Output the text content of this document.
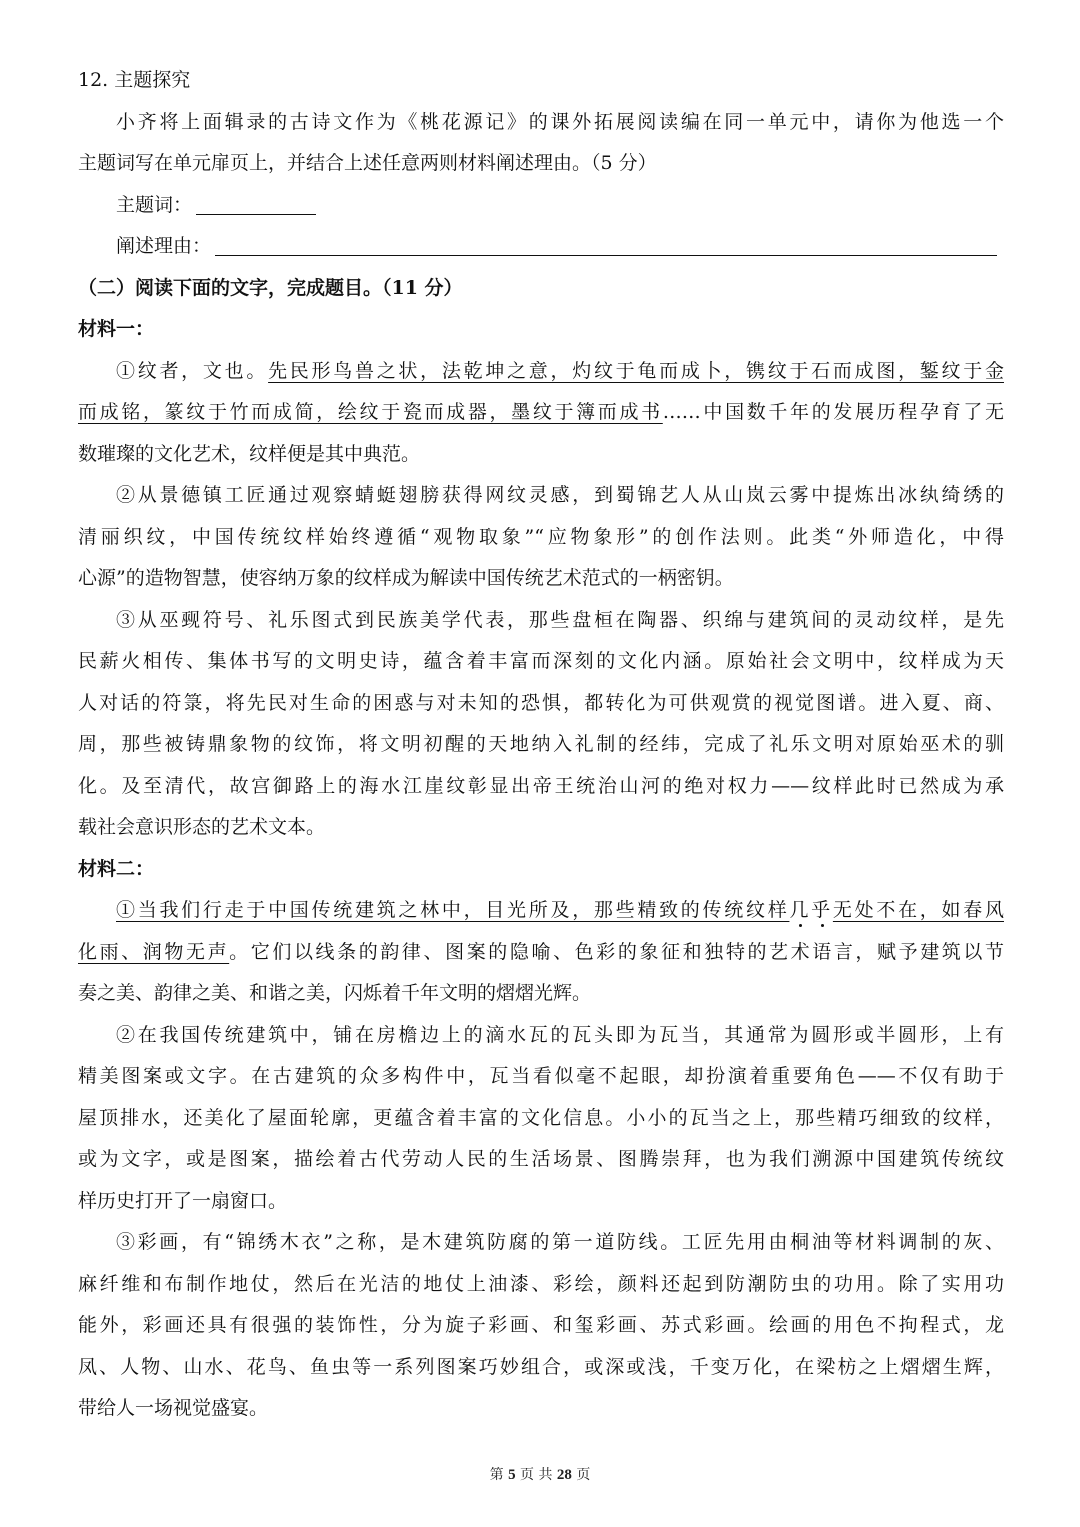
12. 主题探究
小齐将上面辑录的古诗文作为《桃花源记》的课外拓展阅读编在同一单元中，请你为他选一个
主题词写在单元扉页上，并结合上述任意两则材料阐述理由。（5 分）
主题词：
阐述理由：
（二）阅读下面的文字，完成题目。（11 分）
材料一：
①纹者，文也。先民形鸟兽之状，法乾坤之意，灼纹于龟而成卜，镌纹于石而成图，錾纹于金
而成铭，篆纹于竹而成简，绘纹于瓷而成器，墨纹于簿而成书……中国数千年的发展历程孕育了无
数璀璨的文化艺术，纹样便是其中典范。
②从景德镇工匠通过观察蜻蜓翅膀获得网纹灵感，到蜀锦艺人从山岚云雾中提炼出冰纨绮绣的
清丽织纹，中国传统纹样始终遵循“观物取象”“应物象形”的创作法则。此类“外师造化，中得
心源”的造物智慧，使容纳万象的纹样成为解读中国传统艺术范式的一柄密钥。
③从巫觋符号、礼乐图式到民族美学代表，那些盘桓在陶器、织绵与建筑间的灵动纹样，是先
民薪火相传、集体书写的文明史诗，蕴含着丰富而深刻的文化内涵。原始社会文明中，纹样成为天
人对话的符箓，将先民对生命的困惑与对未知的恐惧，都转化为可供观赏的视觉图谱。进入夏、商、
周，那些被铸鼎象物的纹饰，将文明初醒的天地纳入礼制的经纬，完成了礼乐文明对原始巫术的驯
化。及至清代，故宫御路上的海水江崖纹彰显出帝王统治山河的绝对权力——纹样此时已然成为承
载社会意识形态的艺术文本。
材料二：
①当我们行走于中国传统建筑之林中，目光所及，那些精致的传统纹样几乎无处不在，如春风
化雨、润物无声。它们以线条的韵律、图案的隐喻、色彩的象征和独特的艺术语言，赋予建筑以节
奏之美、韵律之美、和谐之美，闪烁着千年文明的熠熠光辉。
②在我国传统建筑中，铺在房檐边上的滴水瓦的瓦头即为瓦当，其通常为圆形或半圆形，上有
精美图案或文字。在古建筑的众多构件中，瓦当看似毫不起眼，却扮演着重要角色——不仅有助于
屋顶排水，还美化了屋面轮廓，更蕴含着丰富的文化信息。小小的瓦当之上，那些精巧细致的纹样，
或为文字，或是图案，描绘着古代劳动人民的生活场景、图腾崇拜，也为我们溯源中国建筑传统纹
样历史打开了一扇窗口。
③彩画，有“锦绣木衣”之称，是木建筑防腐的第一道防线。工匠先用由桐油等材料调制的灰、
麻纤维和布制作地仗，然后在光洁的地仗上油漆、彩绘，颜料还起到防潮防虫的功用。除了实用功
能外，彩画还具有很强的装饰性，分为旋子彩画、和玺彩画、苏式彩画。绘画的用色不拘程式，龙
凤、人物、山水、花鸟、鱼虫等一系列图案巧妙组合，或深或浅，千变万化，在梁枋之上熠熠生辉，
带给人一场视觉盛宴。
第 5 页 共 28 页
